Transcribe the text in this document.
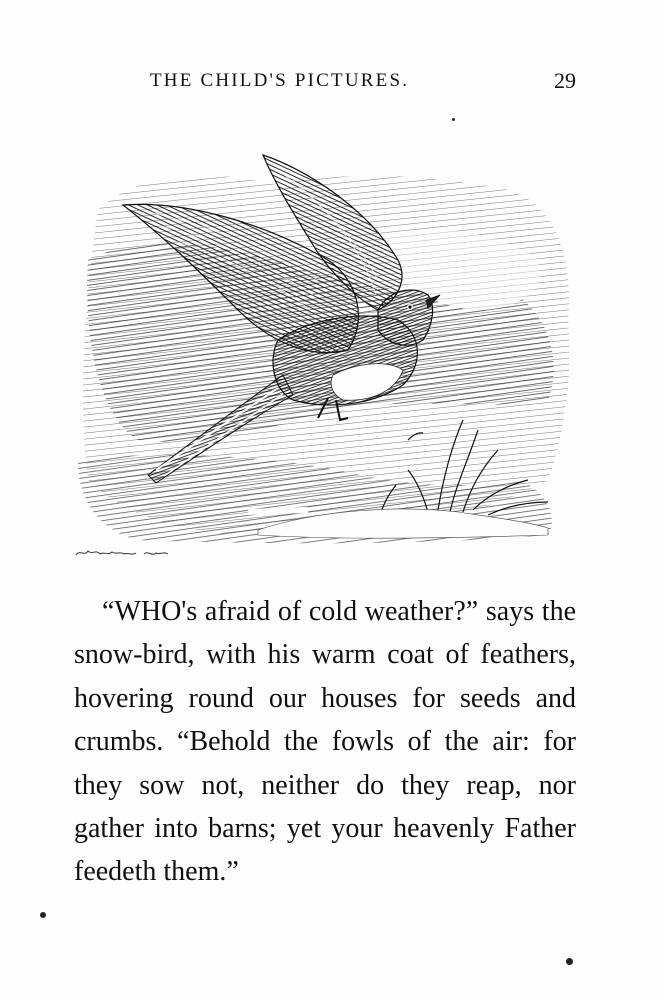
THE CHILD'S PICTURES.	29

“WHO's afraid of cold weather?” says the snow-bird, with his warm coat of feathers, hovering round our houses for seeds and crumbs. “Behold the fowls of the air: for they sow not, neither do they reap, nor gather into barns; yet your heavenly Father feedeth them.”
